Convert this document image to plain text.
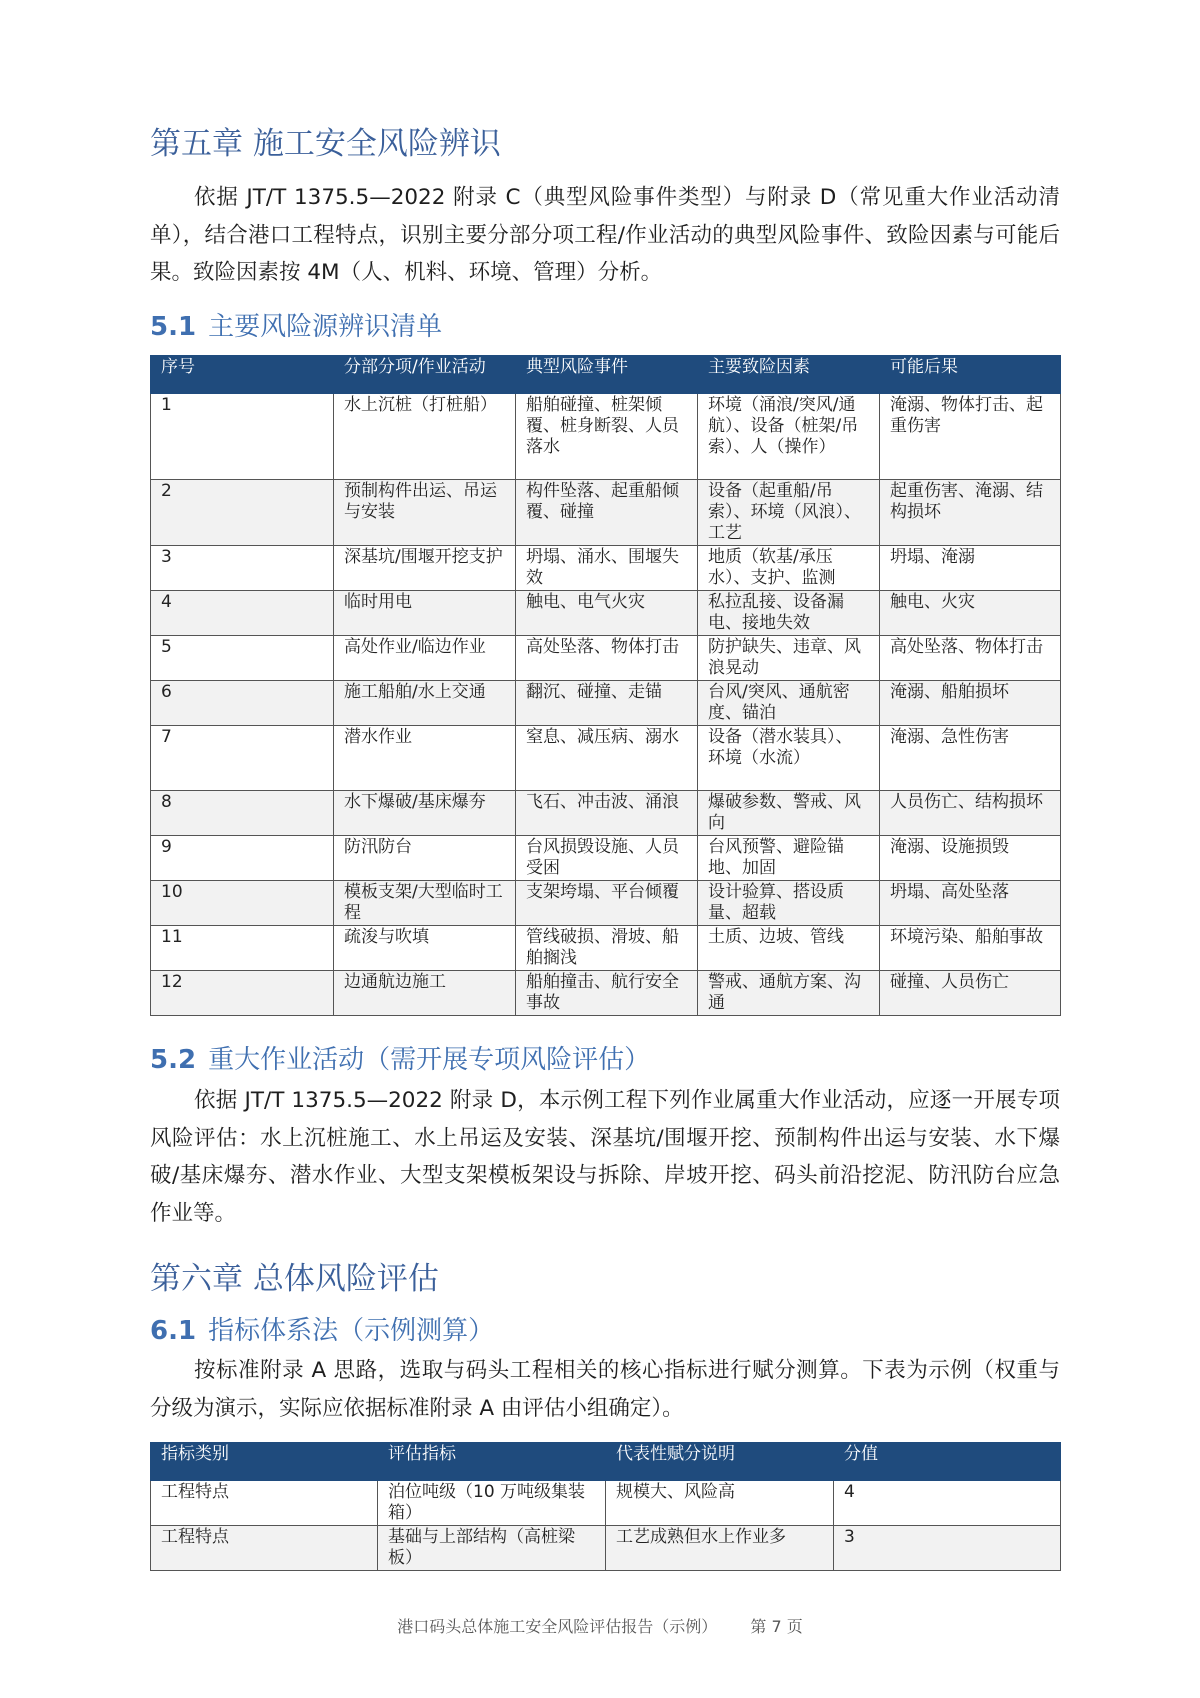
第五章 施工安全风险辨识

依据 JT/T 1375.5—2022 附录 C（典型风险事件类型）与附录 D（常见重大作业活动清单），结合港口工程特点，识别主要分部分项工程/作业活动的典型风险事件、致险因素与可能后果。致险因素按 4M（人、机料、环境、管理）分析。

5.1 主要风险源辨识清单
序号	分部分项/作业活动	典型风险事件	主要致险因素	可能后果
1	水上沉桩（打桩船）	船舶碰撞、桩架倾覆、桩身断裂、人员落水	环境（涌浪/突风/通航）、设备（桩架/吊索）、人（操作）	淹溺、物体打击、起重伤害
2	预制构件出运、吊运与安装	构件坠落、起重船倾覆、碰撞	设备（起重船/吊索）、环境（风浪）、工艺	起重伤害、淹溺、结构损坏
3	深基坑/围堰开挖支护	坍塌、涌水、围堰失效	地质（软基/承压水）、支护、监测	坍塌、淹溺
4	临时用电	触电、电气火灾	私拉乱接、设备漏电、接地失效	触电、火灾
5	高处作业/临边作业	高处坠落、物体打击	防护缺失、违章、风浪晃动	高处坠落、物体打击
6	施工船舶/水上交通	翻沉、碰撞、走锚	台风/突风、通航密度、锚泊	淹溺、船舶损坏
7	潜水作业	窒息、减压病、溺水	设备（潜水装具）、环境（水流）	淹溺、急性伤害
8	水下爆破/基床爆夯	飞石、冲击波、涌浪	爆破参数、警戒、风向	人员伤亡、结构损坏
9	防汛防台	台风损毁设施、人员受困	台风预警、避险锚地、加固	淹溺、设施损毁
10	模板支架/大型临时工程	支架垮塌、平台倾覆	设计验算、搭设质量、超载	坍塌、高处坠落
11	疏浚与吹填	管线破损、滑坡、船舶搁浅	土质、边坡、管线	环境污染、船舶事故
12	边通航边施工	船舶撞击、航行安全事故	警戒、通航方案、沟通	碰撞、人员伤亡
5.2 重大作业活动（需开展专项风险评估）

依据 JT/T 1375.5—2022 附录 D，本示例工程下列作业属重大作业活动，应逐一开展专项风险评估：水上沉桩施工、水上吊运及安装、深基坑/围堰开挖、预制构件出运与安装、水下爆破/基床爆夯、潜水作业、大型支架模板架设与拆除、岸坡开挖、码头前沿挖泥、防汛防台应急作业等。

第六章 总体风险评估
6.1 指标体系法（示例测算）

按标准附录 A 思路，选取与码头工程相关的核心指标进行赋分测算。下表为示例（权重与分级为演示，实际应依据标准附录 A 由评估小组确定）。

指标类别	评估指标	代表性赋分说明	分值
工程特点	泊位吨级（10 万吨级集装箱）	规模大、风险高	4
工程特点	基础与上部结构（高桩梁板）	工艺成熟但水上作业多	3
港口码头总体施工安全风险评估报告（示例） 第 7 页
